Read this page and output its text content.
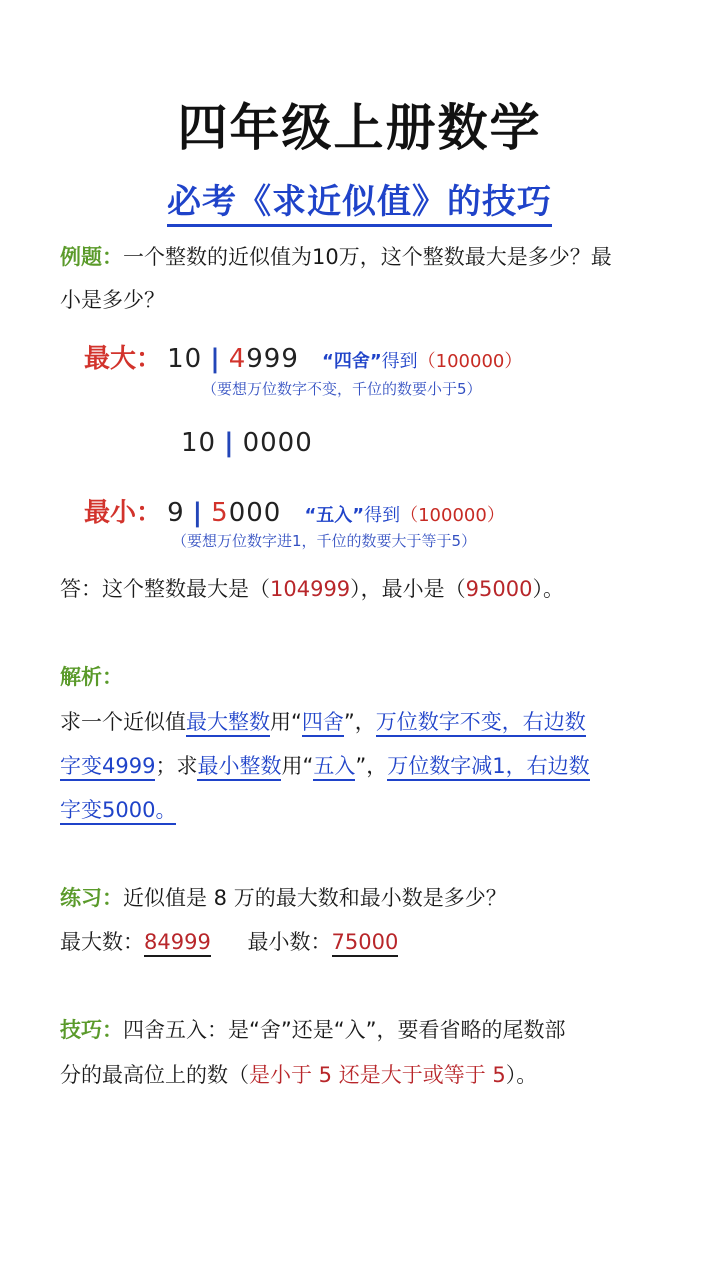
四年级上册数学
必考《求近似值》的技巧
例题：一个整数的近似值为10万，这个整数最大是多少？最
小是多少？
最大： 10 | 4999 “四舍”得到（100000）
（要想万位数字不变，千位的数要小于5）
10 | 0000
最小： 9 | 5000 “五入”得到（100000）
（要想万位数字进1，千位的数要大于等于5）
答：这个整数最大是（104999），最小是（95000）。
解析：
求一个近似值最大整数用“四舍”，万位数字不变，右边数
字变4999；求最小整数用“五入”，万位数字减1，右边数
字变5000。
练习：近似值是 8 万的最大数和最小数是多少？
最大数：84999 最小数：75000
技巧：四舍五入：是“舍”还是“入”，要看省略的尾数部
分的最高位上的数（是小于 5 还是大于或等于 5）。
